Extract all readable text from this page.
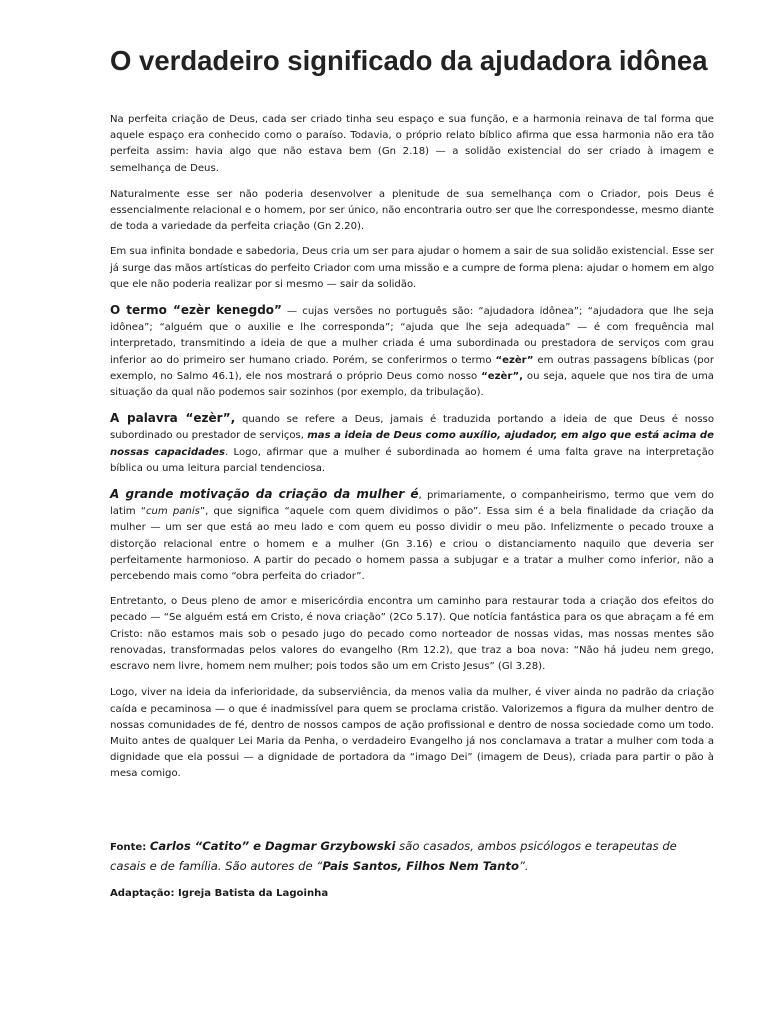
O verdadeiro significado da ajudadora idônea

Na perfeita criação de Deus, cada ser criado tinha seu espaço e sua função, e a harmonia reinava de tal forma que aquele espaço era conhecido como o paraíso. Todavia, o próprio relato bíblico afirma que essa harmonia não era tão perfeita assim: havia algo que não estava bem (Gn 2.18) — a solidão existencial do ser criado à imagem e semelhança de Deus.

Naturalmente esse ser não poderia desenvolver a plenitude de sua semelhança com o Criador, pois Deus é essencialmente relacional e o homem, por ser único, não encontraria outro ser que lhe correspondesse, mesmo diante de toda a variedade da perfeita criação (Gn 2.20).

Em sua infinita bondade e sabedoria, Deus cria um ser para ajudar o homem a sair de sua solidão existencial. Esse ser já surge das mãos artísticas do perfeito Criador com uma missão e a cumpre de forma plena: ajudar o homem em algo que ele não poderia realizar por si mesmo — sair da solidão.

O termo “ezèr kenegdo” — cujas versões no português são: “ajudadora idônea”; “ajudadora que lhe seja idônea”; “alguém que o auxilie e lhe corresponda”; “ajuda que lhe seja adequada” — é com frequência mal interpretado, transmitindo a ideia de que a mulher criada é uma subordinada ou prestadora de serviços com grau inferior ao do primeiro ser humano criado. Porém, se conferirmos o termo “ezèr” em outras passagens bíblicas (por exemplo, no Salmo 46.1), ele nos mostrará o próprio Deus como nosso “ezèr”, ou seja, aquele que nos tira de uma situação da qual não podemos sair sozinhos (por exemplo, da tribulação).

A palavra “ezèr”, quando se refere a Deus, jamais é traduzida portando a ideia de que Deus é nosso subordinado ou prestador de serviços, mas a ideia de Deus como auxílio, ajudador, em algo que está acima de nossas capacidades. Logo, afirmar que a mulher é subordinada ao homem é uma falta grave na interpretação bíblica ou uma leitura parcial tendenciosa.

A grande motivação da criação da mulher é, primariamente, o companheirismo, termo que vem do latim “cum panis”, que significa “aquele com quem dividimos o pão”. Essa sim é a bela finalidade da criação da mulher — um ser que está ao meu lado e com quem eu posso dividir o meu pão. Infelizmente o pecado trouxe a distorção relacional entre o homem e a mulher (Gn 3.16) e criou o distanciamento naquilo que deveria ser perfeitamente harmonioso. A partir do pecado o homem passa a subjugar e a tratar a mulher como inferior, não a percebendo mais como “obra perfeita do criador”.

Entretanto, o Deus pleno de amor e misericórdia encontra um caminho para restaurar toda a criação dos efeitos do pecado — “Se alguém está em Cristo, é nova criação” (2Co 5.17). Que notícia fantástica para os que abraçam a fé em Cristo: não estamos mais sob o pesado jugo do pecado como norteador de nossas vidas, mas nossas mentes são renovadas, transformadas pelos valores do evangelho (Rm 12.2), que traz a boa nova: “Não há judeu nem grego, escravo nem livre, homem nem mulher; pois todos são um em Cristo Jesus” (Gl 3.28).

Logo, viver na ideia da inferioridade, da subserviência, da menos valia da mulher, é viver ainda no padrão da criação caída e pecaminosa — o que é inadmissível para quem se proclama cristão. Valorizemos a figura da mulher dentro de nossas comunidades de fé, dentro de nossos campos de ação profissional e dentro de nossa sociedade como um todo. Muito antes de qualquer Lei Maria da Penha, o verdadeiro Evangelho já nos conclamava a tratar a mulher com toda a dignidade que ela possui — a dignidade de portadora da “imago Dei” (imagem de Deus), criada para partir o pão à mesa comigo.

Fonte: Carlos “Catito” e Dagmar Grzybowski são casados, ambos psicólogos e terapeutas de casais e de família. São autores de “Pais Santos, Filhos Nem Tanto”.

Adaptação: Igreja Batista da Lagoinha
